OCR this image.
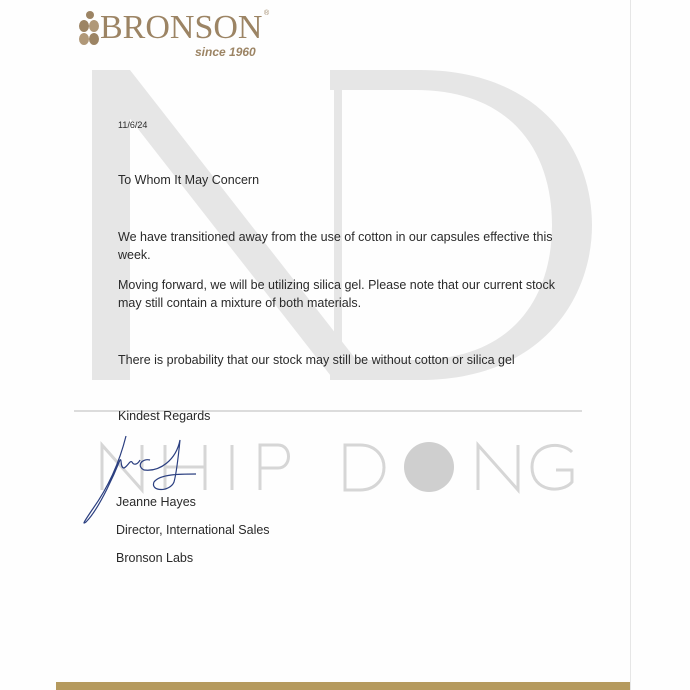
BRONSON ®
since 1960
11/6/24
To Whom It May Concern
We have transitioned away from the use of cotton in our capsules effective this week.
Moving forward, we will be utilizing silica gel. Please note that our current stock may still contain a mixture of both materials.
There is probability that our stock may still be without cotton or silica gel
Kindest Regards
Jeanne Hayes
Director, International Sales
Bronson Labs
